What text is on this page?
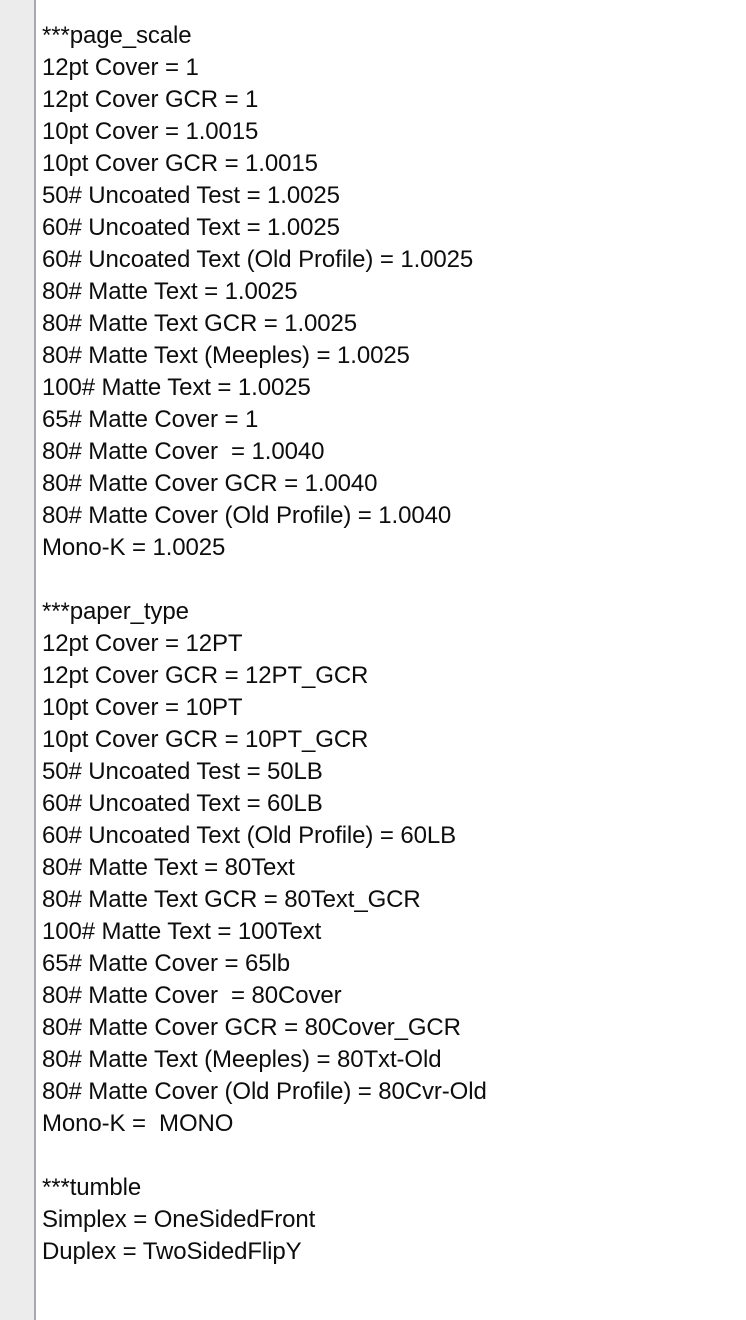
***page_scale
12pt Cover = 1
12pt Cover GCR = 1
10pt Cover = 1.0015
10pt Cover GCR = 1.0015
50# Uncoated Test = 1.0025
60# Uncoated Text = 1.0025
60# Uncoated Text (Old Profile) = 1.0025
80# Matte Text = 1.0025
80# Matte Text GCR = 1.0025
80# Matte Text (Meeples) = 1.0025
100# Matte Text = 1.0025
65# Matte Cover = 1
80# Matte Cover  = 1.0040
80# Matte Cover GCR = 1.0040
80# Matte Cover (Old Profile) = 1.0040
Mono-K = 1.0025
***paper_type
12pt Cover = 12PT
12pt Cover GCR = 12PT_GCR
10pt Cover = 10PT
10pt Cover GCR = 10PT_GCR
50# Uncoated Test = 50LB
60# Uncoated Text = 60LB
60# Uncoated Text (Old Profile) = 60LB
80# Matte Text = 80Text
80# Matte Text GCR = 80Text_GCR
100# Matte Text = 100Text
65# Matte Cover = 65lb
80# Matte Cover  = 80Cover
80# Matte Cover GCR = 80Cover_GCR
80# Matte Text (Meeples) = 80Txt-Old
80# Matte Cover (Old Profile) = 80Cvr-Old
Mono-K =  MONO
***tumble
Simplex = OneSidedFront
Duplex = TwoSidedFlipY
